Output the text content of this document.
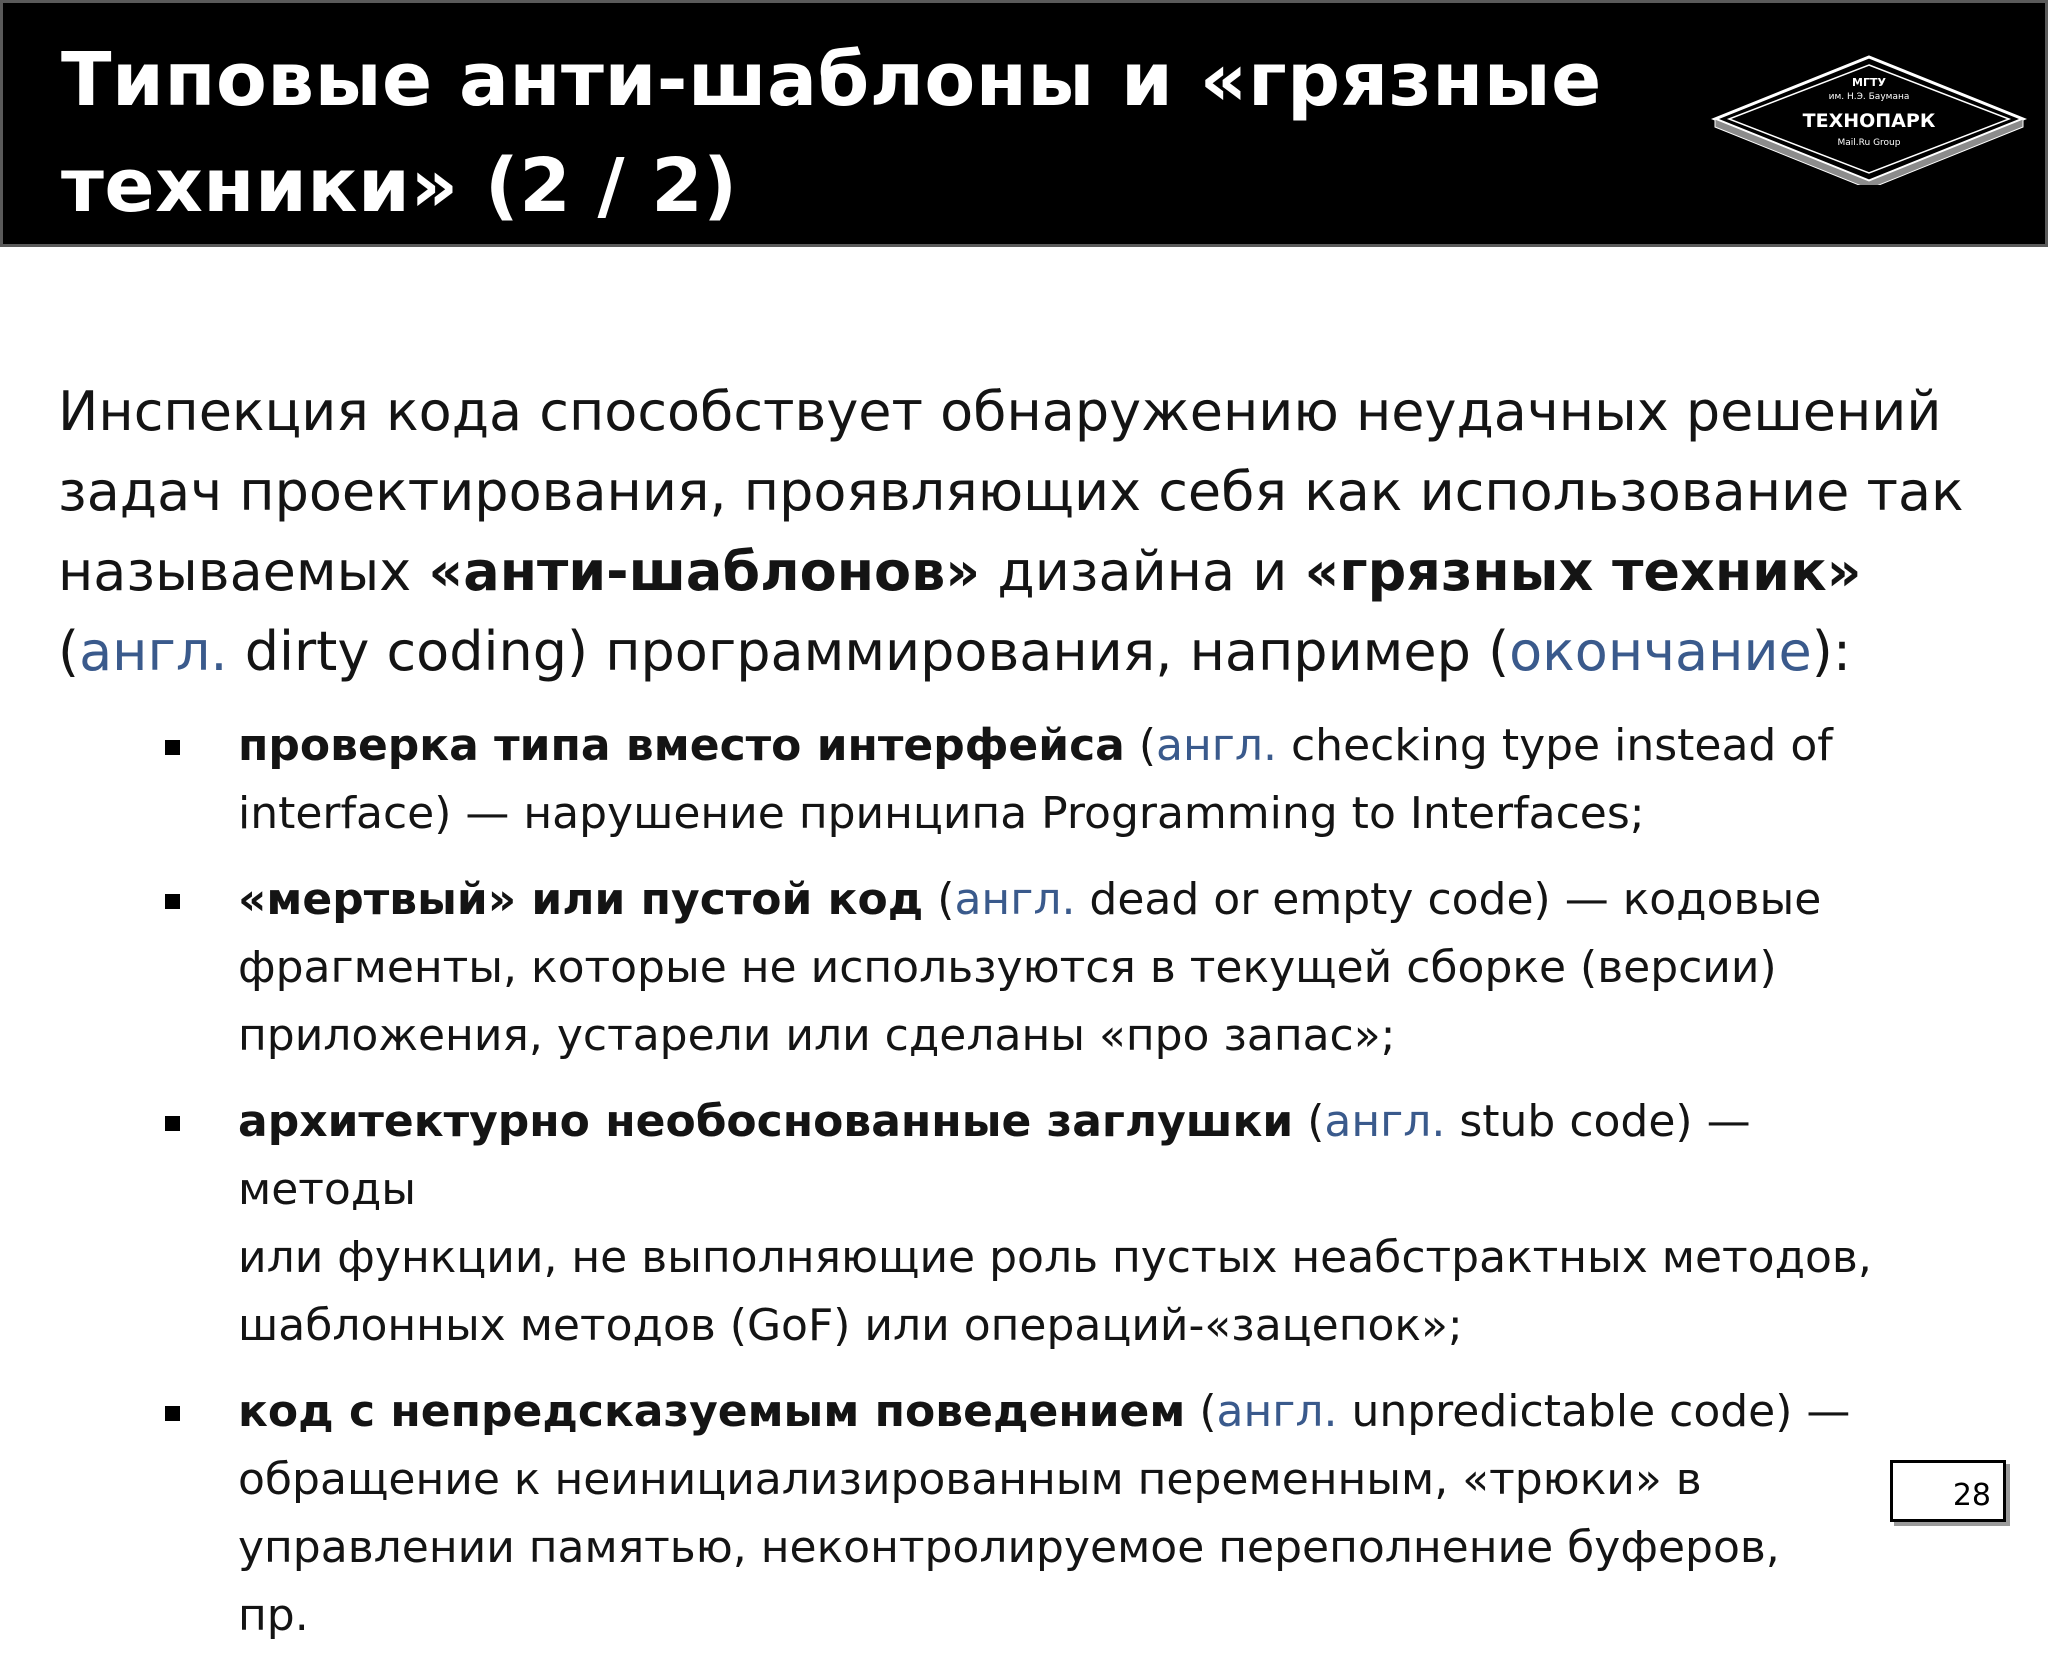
Типовые анти-шаблоны и «грязные
техники» (2 / 2)
МГТУ
им. Н.Э. Баумана
ТЕХНОПАРК
Mail.Ru Group

Инспекция кода способствует обнаружению неудачных решений
задач проектирования, проявляющих себя как использование так
называемых «анти-шаблонов» дизайна и «грязных техник»
(англ. dirty coding) программирования, например (окончание):

проверка типа вместо интерфейса (англ. checking type instead of
interface) — нарушение принципа Programming to Interfaces;
«мертвый» или пустой код (англ. dead or empty code) — кодовые
фрагменты, которые не используются в текущей сборке (версии)
приложения, устарели или сделаны «про запас»;
архитектурно необоснованные заглушки (англ. stub code) — методы
или функции, не выполняющие роль пустых неабстрактных методов,
шаблонных методов (GoF) или операций-«зацепок»;
код с непредсказуемым поведением (англ. unpredictable code) —
обращение к неинициализированным переменным, «трюки» в
управлении памятью, неконтролируемое переполнение буферов, пр.
28
